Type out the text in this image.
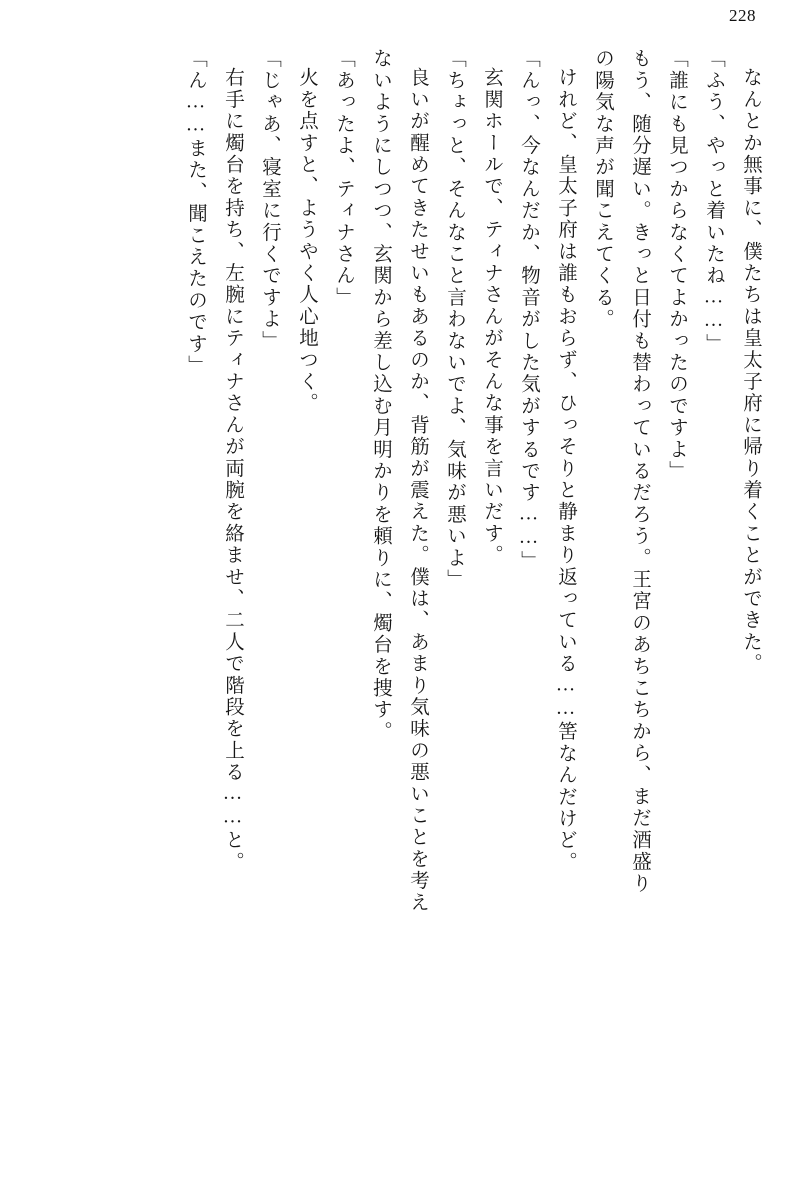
228
なんとか無事に、僕たちは皇太子府に帰り着くことができた。
「ふう、やっと着いたね……」
「誰にも見つからなくてよかったのですよ」
もう、随分遅い。きっと日付も替わっているだろう。王宮のあちこちから、まだ酒盛り
の陽気な声が聞こえてくる。
けれど、皇太子府は誰もおらず、ひっそりと静まり返っている……筈なんだけど。
「んっ、今なんだか、物音がした気がするです……」
玄関ホールで、ティナさんがそんな事を言いだす。
「ちょっと、そんなこと言わないでよ、気味が悪いよ」
良いが醒めてきたせいもあるのか、背筋が震えた。僕は、あまり気味の悪いことを考え
ないようにしつつ、玄関から差し込む月明かりを頼りに、燭台を捜す。
「あったよ、ティナさん」
火を点すと、ようやく人心地つく。
「じゃあ、寝室に行くですよ」
右手に燭台を持ち、左腕にティナさんが両腕を絡ませ、二人で階段を上る……と。
「ん……また、聞こえたのです」
